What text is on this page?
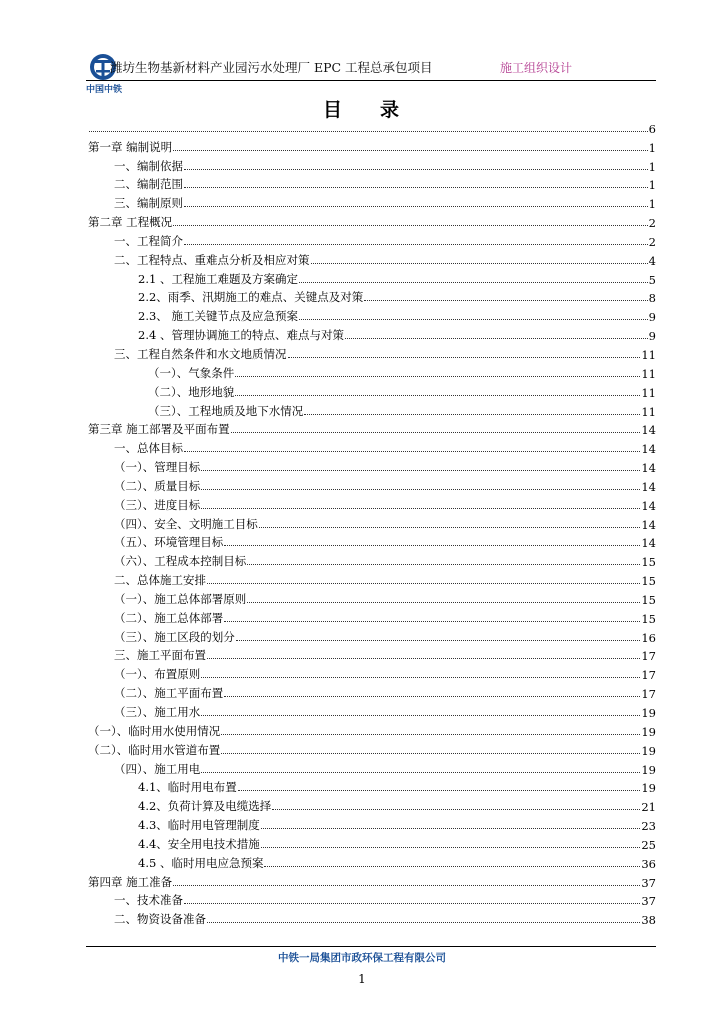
中国中铁
潍坊生物基新材料产业园污水处理厂 EPC 工程总承包项目	施工组织设计
目 录
6
第一章 编制说明	1
一、编制依据	1
二、编制范围	1
三、编制原则	1
第二章 工程概况	2
一、工程简介	2
二、工程特点、重难点分析及相应对策	4
2.1 、工程施工难题及方案确定	5
2.2、雨季、汛期施工的难点、关键点及对策	8
2.3、 施工关键节点及应急预案	9
2.4 、管理协调施工的特点、难点与对策	9
三、工程自然条件和水文地质情况	11
（一）、气象条件	11
（二）、地形地貌	11
（三）、工程地质及地下水情况	11
第三章 施工部署及平面布置	14
一、总体目标	14
（一）、管理目标	14
（二）、质量目标	14
（三）、进度目标	14
（四）、安全、文明施工目标	14
（五）、环境管理目标	14
（六）、工程成本控制目标	15
二、总体施工安排	15
（一）、施工总体部署原则	15
（二）、施工总体部署	15
（三）、施工区段的划分	16
三、施工平面布置	17
（一）、布置原则	17
（二）、施工平面布置	17
（三）、施工用水	19
（一）、临时用水使用情况	19
（二）、临时用水管道布置	19
（四）、施工用电	19
4.1、临时用电布置	19
4.2、负荷计算及电缆选择	21
4.3、临时用电管理制度	23
4.4、安全用电技术措施	25
4.5 、临时用电应急预案	36
第四章 施工准备	37
一、技术准备	37
二、物资设备准备	38
中铁一局集团市政环保工程有限公司
1
